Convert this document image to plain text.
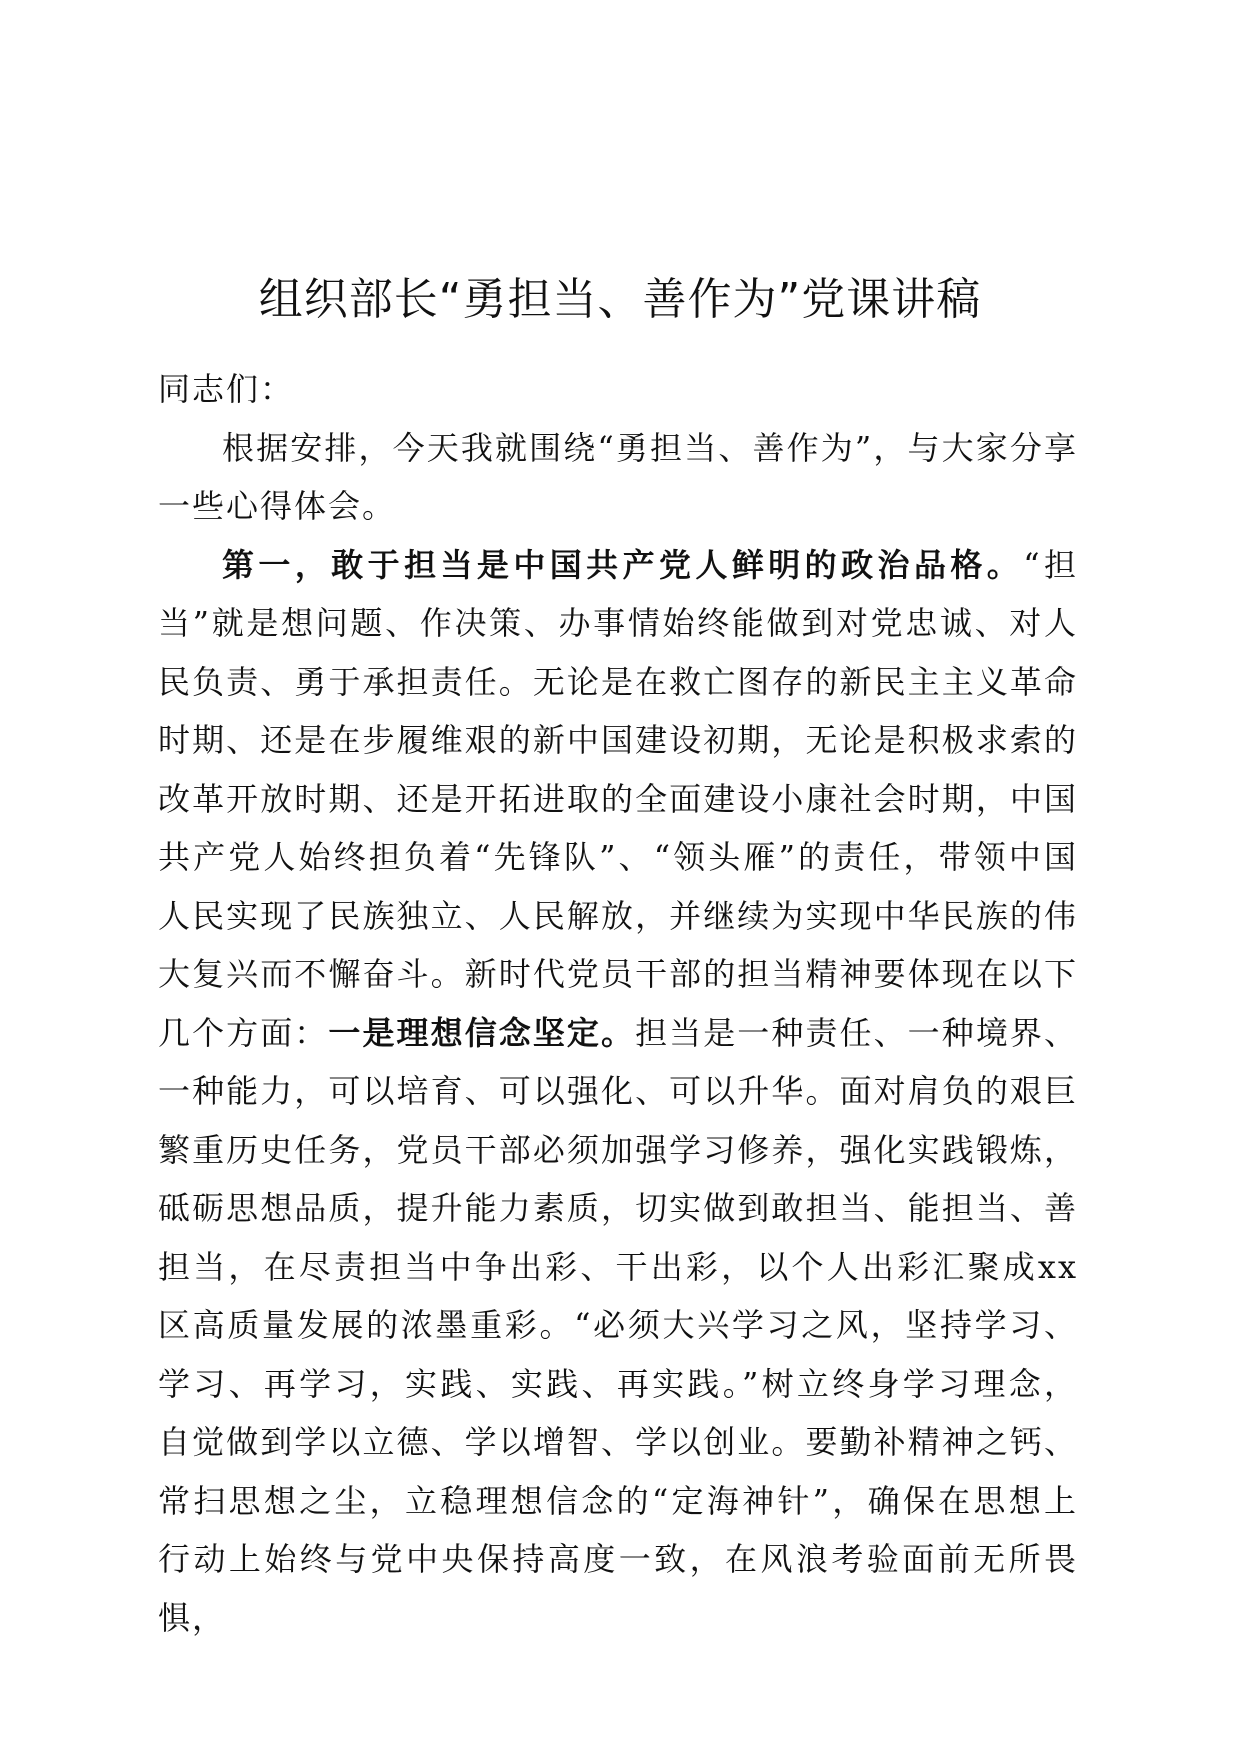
组织部长“勇担当、善作为”党课讲稿

同志们：

根据安排，今天我就围绕“勇担当、善作为”，与大家分享一些心得体会。

第一，敢于担当是中国共产党人鲜明的政治品格。“担当”就是想问题、作决策、办事情始终能做到对党忠诚、对人民负责、勇于承担责任。无论是在救亡图存的新民主主义革命时期、还是在步履维艰的新中国建设初期，无论是积极求索的改革开放时期、还是开拓进取的全面建设小康社会时期，中国共产党人始终担负着“先锋队”、“领头雁”的责任，带领中国人民实现了民族独立、人民解放，并继续为实现中华民族的伟大复兴而不懈奋斗。新时代党员干部的担当精神要体现在以下几个方面：一是理想信念坚定。担当是一种责任、一种境界、一种能力，可以培育、可以强化、可以升华。面对肩负的艰巨繁重历史任务，党员干部必须加强学习修养，强化实践锻炼，砥砺思想品质，提升能力素质，切实做到敢担当、能担当、善担当，在尽责担当中争出彩、干出彩，以个人出彩汇聚成xx区高质量发展的浓墨重彩。“必须大兴学习之风，坚持学习、学习、再学习，实践、实践、再实践。”树立终身学习理念，自觉做到学以立德、学以增智、学以创业。要勤补精神之钙、常扫思想之尘，立稳理想信念的“定海神针”，确保在思想上行动上始终与党中央保持高度一致，在风浪考验面前无所畏惧，
